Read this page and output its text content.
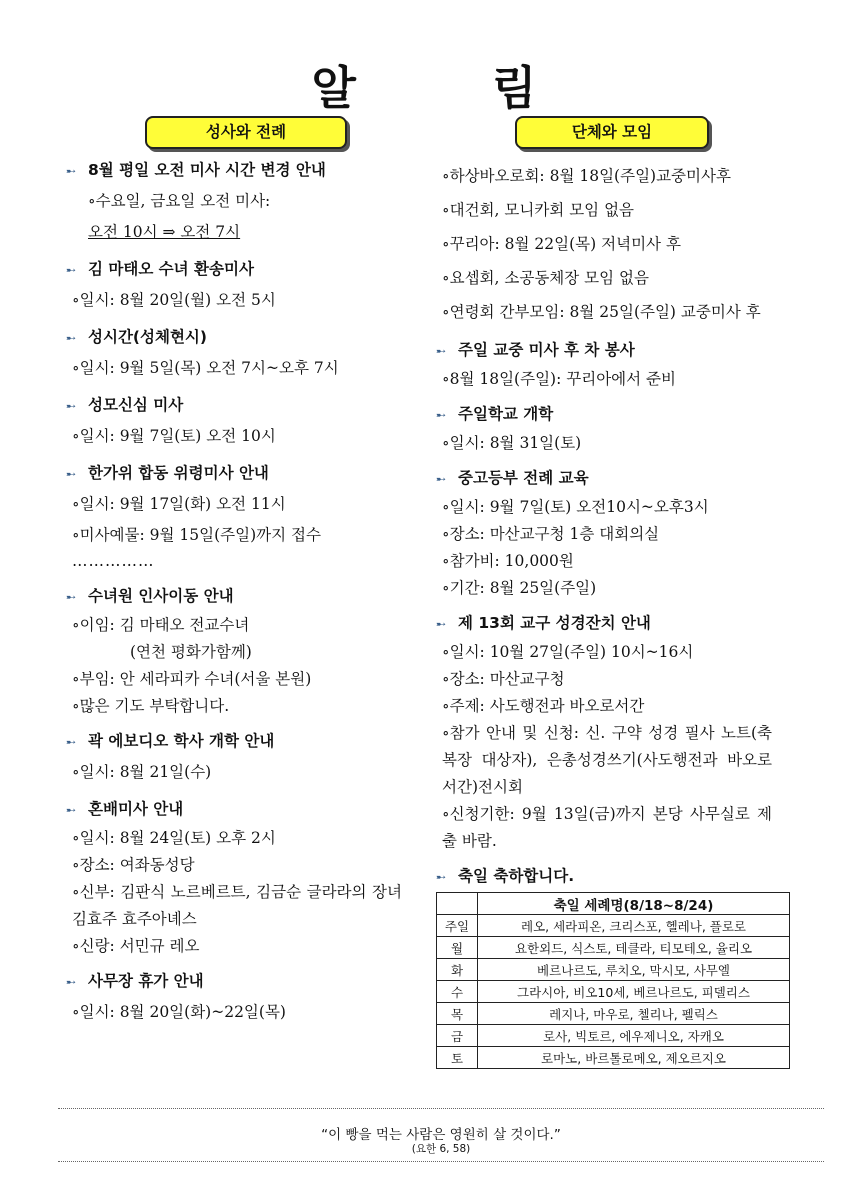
알 림
성사와 전례
➸ 8월 평일 오전 미사 시간 변경 안내
∘수요일, 금요일 오전 미사:
오전 10시 ⇒ 오전 7시
➸ 김 마태오 수녀 환송미사
∘일시: 8월 20일(월) 오전 5시
➸ 성시간(성체현시)
∘일시: 9월 5일(목) 오전 7시~오후 7시
➸ 성모신심 미사
∘일시: 9월 7일(토) 오전 10시
➸ 한가위 합동 위령미사 안내
∘일시: 9월 17일(화) 오전 11시
∘미사예물: 9월 15일(주일)까지 접수
……………
➸ 수녀원 인사이동 안내
∘이임: 김 마태오 전교수녀
(연천 평화가함께)
∘부임: 안 세라피카 수녀(서울 본원)
∘많은 기도 부탁합니다.
➸ 곽 에보디오 학사 개학 안내
∘일시: 8월 21일(수)
➸ 혼배미사 안내
∘일시: 8월 24일(토) 오후 2시
∘장소: 여좌동성당
∘신부: 김판식 노르베르트, 김금순 글라라의 장녀 김효주 효주아녜스
∘신랑: 서민규 레오
➸ 사무장 휴가 안내
∘일시: 8월 20일(화)~22일(목)
단체와 모임
∘하상바오로회: 8월 18일(주일)교중미사후
∘대건회, 모니카회 모임 없음
∘꾸리아: 8월 22일(목) 저녁미사 후
∘요셉회, 소공동체장 모임 없음
∘연령회 간부모임: 8월 25일(주일) 교중미사 후
➸ 주일 교중 미사 후 차 봉사
∘8월 18일(주일): 꾸리아에서 준비
➸ 주일학교 개학
∘일시: 8월 31일(토)
➸ 중고등부 전례 교육
∘일시: 9월 7일(토) 오전10시~오후3시
∘장소: 마산교구청 1층 대회의실
∘참가비: 10,000원
∘기간: 8월 25일(주일)
➸ 제 13회 교구 성경잔치 안내
∘일시: 10월 27일(주일) 10시~16시
∘장소: 마산교구청
∘주제: 사도행전과 바오로서간
∘참가 안내 및 신청: 신. 구약 성경 필사 노트(축복장 대상자), 은총성경쓰기(사도행전과 바오로서간)전시회
∘신청기한: 9월 13일(금)까지 본당 사무실로 제출 바람.
➸ 축일 축하합니다.
	축일 세례명(8/18~8/24)
주일	레오, 세라피온, 크리스포, 헬레나, 플로로
월	요한외드, 식스토, 테클라, 티모테오, 율리오
화	베르나르도, 루치오, 막시모, 사무엘
수	그라시아, 비오10세, 베르나르도, 피델리스
목	레지나, 마우로, 첼리나, 펠릭스
금	로사, 빅토르, 에우제니오, 자캐오
토	로마노, 바르톨로메오, 제오르지오
“이 빵을 먹는 사람은 영원히 살 것이다.”
(요한 6, 58)
